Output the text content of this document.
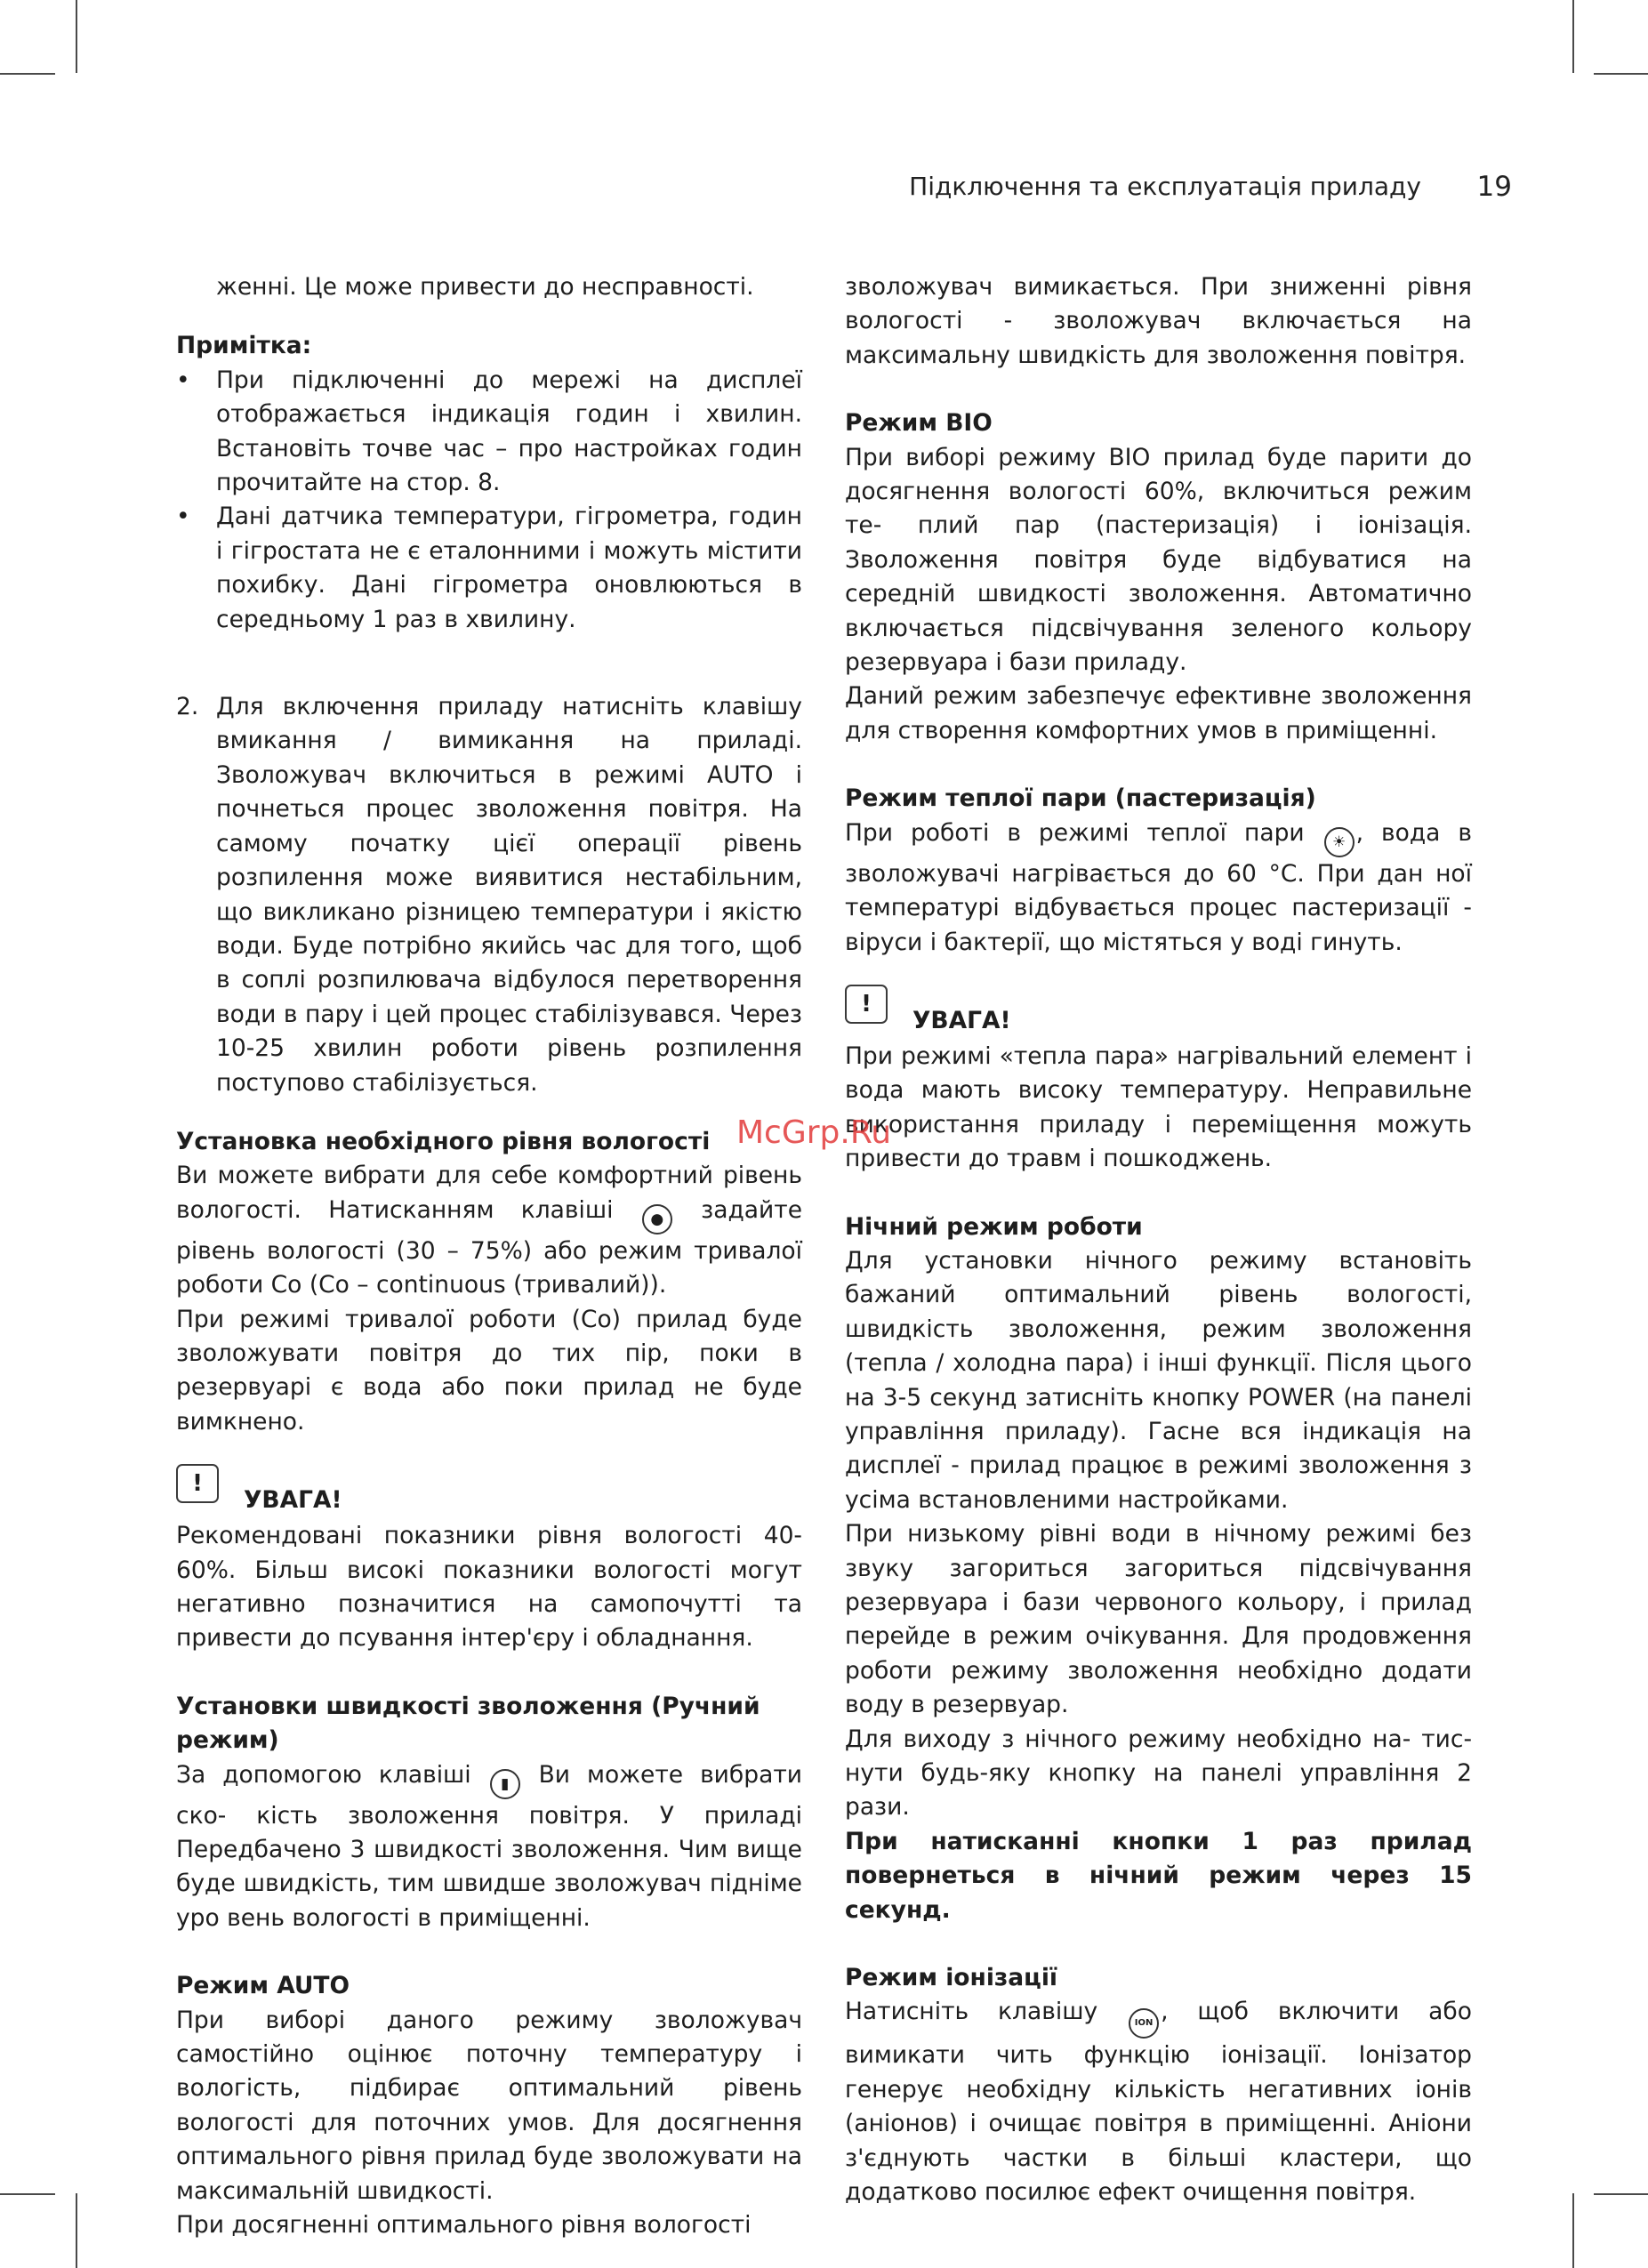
Підключення та експлуатація приладу 19

женні. Це може привести до несправності.

Примітка:
• При підключенні до мережі на дисплеї отображається індикація годин і хвилин. Встановіть точве час – про настройках годин прочитайте на стор. 8.
• Дані датчика температури, гігрометра, годин і гігростата не є еталонними і можуть містити похибку. Дані гігрометра оновлюються в середньому 1 раз в хвилину.
2. Для включення приладу натисніть клавішу вмикання / вимикання на приладі. Зволожувач включиться в режимі AUTO і почнеться процес зволоження повітря. На самому початку цієї операції рівень розпилення може виявитися нестабільним, що викликано різницею температури і якістю води. Буде потрібно якийсь час для того, щоб в соплі розпилювача відбулося перетворення води в пару і цей процес стабілізувався. Через 10-25 хвилин роботи рівень розпилення поступово стабілізується.
Установка необхідного рівня вологості

Ви можете вибрати для себе комфортний рівень вологості. Натисканням клавіші ● задайте рівень вологості (30 – 75%) або режим тривалої роботи Co (Co – continuous (тривалий)).

При режимі тривалої роботи (Co) прилад буде зволожувати повітря до тих пір, поки в резервуарі є вода або поки прилад не буде вимкнено.

!
УВАГА!

Рекомендовані показники рівня вологості 40-60%. Більш високі показники вологості могут негативно позначитися на самопочутті та привести до псування інтер'єру і обладнання.

Установки швидкості зволоження (Ручний режим)

За допомогою клавіші ▮ Ви можете вибрати ско- кість зволоження повітря. У приладі Передбачено 3 швидкості зволоження. Чим вище буде швидкість, тим швидше зволожувач підніме уро вень вологості в приміщенні.

Режим AUTO

При виборі даного режиму зволожувач самостійно оцінює поточну температуру і вологість, підбирає оптимальний рівень вологості для поточних умов. Для досягнення оптимального рівня прилад буде зволожувати на максимальній швидкості.

При досягненні оптимального рівня вологості

зволожувач вимикається. При зниженні рівня вологості - зволожувач включається на максимальну швидкість для зволоження повітря.

Режим BIO

При виборі режиму BIO прилад буде парити до досягнення вологості 60%, включиться режим те- плий пар (пастеризація) і іонізація. Зволоження повітря буде відбуватися на середній швидкості зволоження. Автоматично включається підсвічування зеленого кольору резервуара і бази приладу.

Даний режим забезпечує ефективне зволоження для створення комфортних умов в приміщенні.

Режим теплої пари (пастеризація)

При роботі в режимі теплої пари ☀ , вода в зволожувачі нагрівається до 60 °C. При дан ної температурі відбувається процес пастеризації - віруси і бактерії, що містяться у воді гинуть.

!
УВАГА!

При режимі «тепла пара» нагрівальний елемент і вода мають високу температуру. Неправильне використання приладу і переміщення можуть привести до травм і пошкоджень.

Нічний режим роботи

Для установки нічного режиму встановіть бажаний оптимальний рівень вологості, швидкість зволоження, режим зволоження (тепла / холодна пара) і інші функції. Після цього на 3-5 секунд затисніть кнопку POWER (на панелі управління приладу). Гасне вся індикація на дисплеї - прилад працює в режимі зволоження з усіма встановленими настройками.

При низькому рівні води в нічному режимі без звуку загориться загориться підсвічування резервуара і бази червоного кольору, і прилад перейде в режим очікування. Для продовження роботи режиму зволоження необхідно додати воду в резервуар.

Для виходу з нічного режиму необхідно на- тиснути будь-яку кнопку на панелі управління 2 рази.

При натисканні кнопки 1 раз прилад повернеться в нічний режим через 15 секунд.

Режим іонізації

Натисніть клавішу	ION , щоб включити або вимикати чить функцію іонізації. Іонізатор генерує необхідну кількість негативних іонів (аніонов) і очищає повітря в приміщенні. Аніони з'єднують частки в більші кластери, що додатково посилює ефект очищення повітря.

McGrp.Ru
